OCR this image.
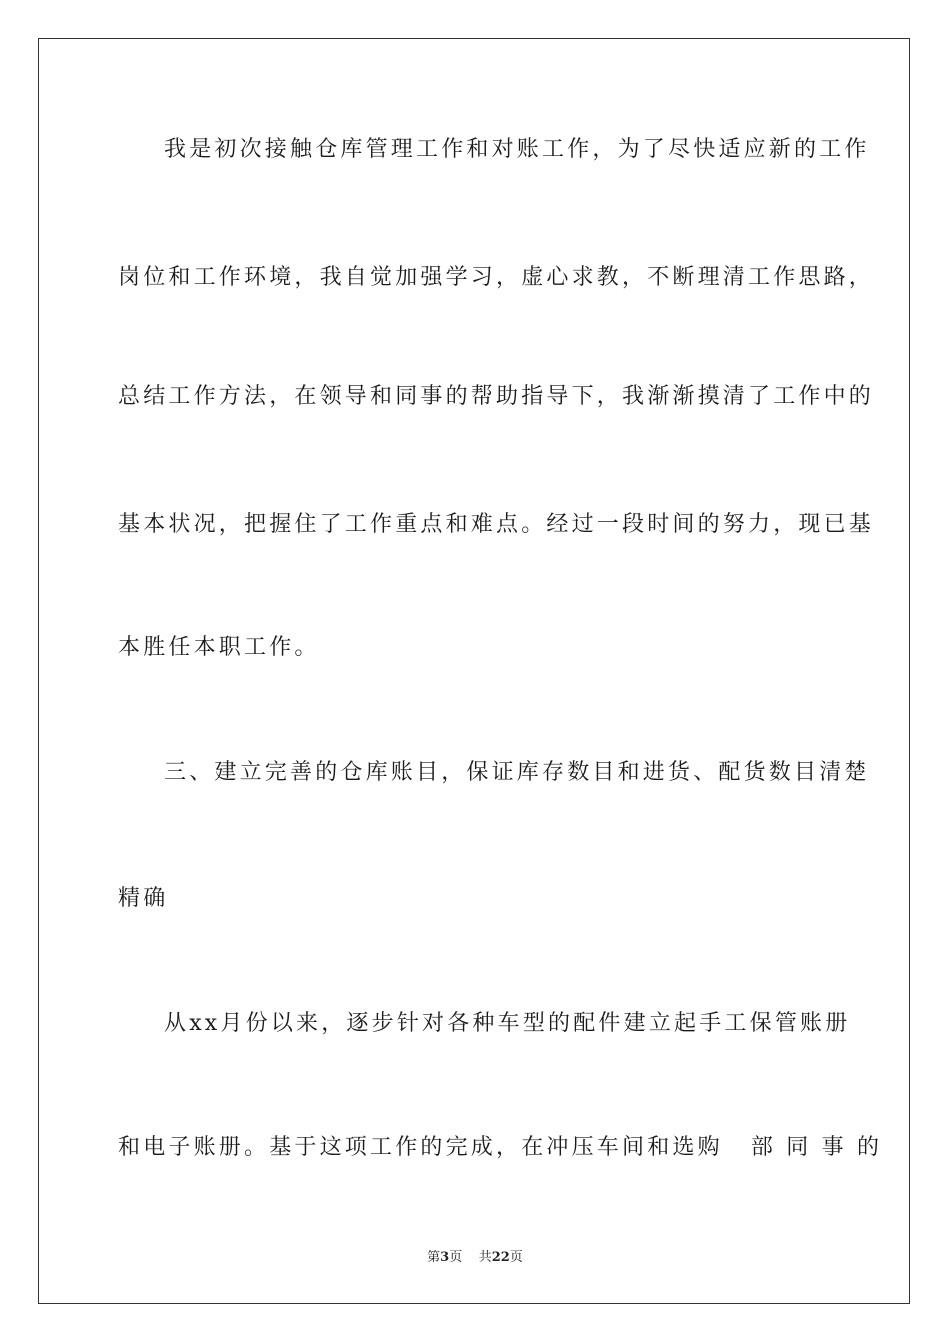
我是初次接触仓库管理工作和对账工作，为了尽快适应新的工作
岗位和工作环境，我自觉加强学习，虚心求教，不断理清工作思路，
总结工作方法，在领导和同事的帮助指导下，我渐渐摸清了工作中的
基本状况，把握住了工作重点和难点。经过一段时间的努力，现已基
本胜任本职工作。
三、建立完善的仓库账目，保证库存数目和进货、配货数目清楚
精确
从xx月份以来，逐步针对各种车型的配件建立起手工保管账册
和电子账册。基于这项工作的完成，在冲压车间和选购 部 同 事 的
第3页 共22页
